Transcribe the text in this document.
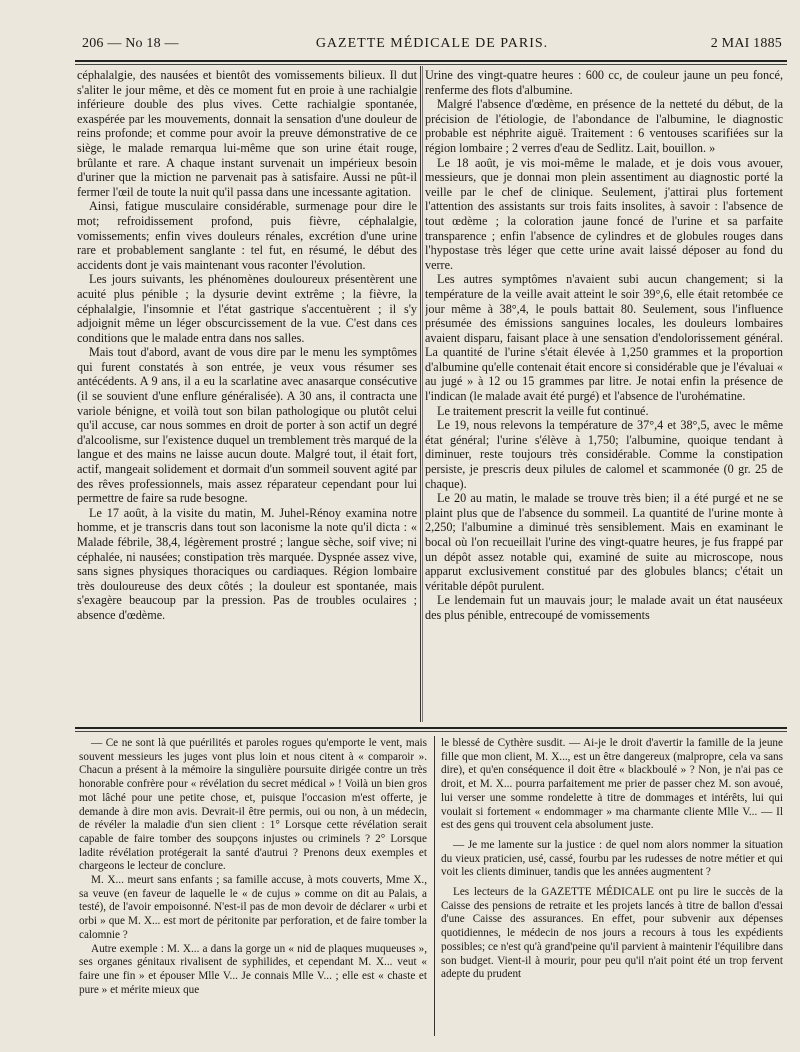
206 — No 18 —	GAZETTE MÉDICALE DE PARIS.	2 MAI 1885

céphalalgie, des nausées et bientôt des vomissements bilieux. Il dut s'aliter le jour même, et dès ce moment fut en proie à une rachialgie inférieure double des plus vives. Cette rachialgie spontanée, exaspérée par les mouvements, donnait la sensation d'une douleur de reins profonde; et comme pour avoir la preuve démonstrative de ce siège, le malade remarqua lui-même que son urine était rouge, brûlante et rare. A chaque instant survenait un impérieux besoin d'uriner que la miction ne parvenait pas à satisfaire. Aussi ne pût-il fermer l'œil de toute la nuit qu'il passa dans une incessante agitation.

Ainsi, fatigue musculaire considérable, surmenage pour dire le mot; refroidissement profond, puis fièvre, céphalalgie, vomissements; enfin vives douleurs rénales, excrétion d'une urine rare et probablement sanglante : tel fut, en résumé, le début des accidents dont je vais maintenant vous raconter l'évolution.

Les jours suivants, les phénomènes douloureux présentèrent une acuité plus pénible ; la dysurie devint extrême ; la fièvre, la céphalalgie, l'insomnie et l'état gastrique s'accentuèrent ; il s'y adjoignit même un léger obscurcissement de la vue. C'est dans ces conditions que le malade entra dans nos salles.

Mais tout d'abord, avant de vous dire par le menu les symptômes qui furent constatés à son entrée, je veux vous résumer ses antécédents. A 9 ans, il a eu la scarlatine avec anasarque consécutive (il se souvient d'une enflure généralisée). A 30 ans, il contracta une variole bénigne, et voilà tout son bilan pathologique ou plutôt celui qu'il accuse, car nous sommes en droit de porter à son actif un degré d'alcoolisme, sur l'existence duquel un tremblement très marqué de la langue et des mains ne laisse aucun doute. Malgré tout, il était fort, actif, mangeait solidement et dormait d'un sommeil souvent agité par des rêves professionnels, mais assez réparateur cependant pour lui permettre de faire sa rude besogne.

Le 17 août, à la visite du matin, M. Juhel-Rénoy examina notre homme, et je transcris dans tout son laconisme la note qu'il dicta : « Malade fébrile, 38,4, légèrement prostré ; langue sèche, soif vive; ni céphalée, ni nausées; constipation très marquée. Dyspnée assez vive, sans signes physiques thoraciques ou cardiaques. Région lombaire très douloureuse des deux côtés ; la douleur est spontanée, mais s'exagère beaucoup par la pression. Pas de troubles oculaires ; absence d'œdème.

Urine des vingt-quatre heures : 600 cc, de couleur jaune un peu foncé, renferme des flots d'albumine.

Malgré l'absence d'œdème, en présence de la netteté du début, de la précision de l'étiologie, de l'abondance de l'albumine, le diagnostic probable est néphrite aiguë. Traitement : 6 ventouses scarifiées sur la région lombaire ; 2 verres d'eau de Sedlitz. Lait, bouillon. »

Le 18 août, je vis moi-même le malade, et je dois vous avouer, messieurs, que je donnai mon plein assentiment au diagnostic porté la veille par le chef de clinique. Seulement, j'attirai plus fortement l'attention des assistants sur trois faits insolites, à savoir : l'absence de tout œdème ; la coloration jaune foncé de l'urine et sa parfaite transparence ; enfin l'absence de cylindres et de globules rouges dans l'hypostase très léger que cette urine avait laissé déposer au fond du verre.

Les autres symptômes n'avaient subi aucun changement; si la température de la veille avait atteint le soir 39°,6, elle était retombée ce jour même à 38°,4, le pouls battait 80. Seulement, sous l'influence présumée des émissions sanguines locales, les douleurs lombaires avaient disparu, faisant place à une sensation d'endolorissement général. La quantité de l'urine s'était élevée à 1,250 grammes et la proportion d'albumine qu'elle contenait était encore si considérable que je l'évaluai « au jugé » à 12 ou 15 grammes par litre. Je notai enfin la présence de l'indican (le malade avait été purgé) et l'absence de l'urohématine.

Le traitement prescrit la veille fut continué.

Le 19, nous relevons la température de 37°,4 et 38°,5, avec le même état général; l'urine s'élève à 1,750; l'albumine, quoique tendant à diminuer, reste toujours très considérable. Comme la constipation persiste, je prescris deux pilules de calomel et scammonée (0 gr. 25 de chaque).

Le 20 au matin, le malade se trouve très bien; il a été purgé et ne se plaint plus que de l'absence du sommeil. La quantité de l'urine monte à 2,250; l'albumine a diminué très sensiblement. Mais en examinant le bocal où l'on recueillait l'urine des vingt-quatre heures, je fus frappé par un dépôt assez notable qui, examiné de suite au microscope, nous apparut exclusivement constitué par des globules blancs; c'était un véritable dépôt purulent.

Le lendemain fut un mauvais jour; le malade avait un état nauséeux des plus pénible, entrecoupé de vomissements

— Ce ne sont là que puérilités et paroles rogues qu'emporte le vent, mais souvent messieurs les juges vont plus loin et nous citent à « comparoir ». Chacun a présent à la mémoire la singulière poursuite dirigée contre un très honorable confrère pour « révélation du secret médical » ! Voilà un bien gros mot lâché pour une petite chose, et, puisque l'occasion m'est offerte, je demande à dire mon avis. Devrait-il être permis, oui ou non, à un médecin, de révéler la maladie d'un sien client : 1° Lorsque cette révélation serait capable de faire tomber des soupçons injustes ou criminels ? 2° Lorsque ladite révélation protégerait la santé d'autrui ? Prenons deux exemples et chargeons le lecteur de conclure.

M. X... meurt sans enfants ; sa famille accuse, à mots couverts, Mme X., sa veuve (en faveur de laquelle le « de cujus » comme on dit au Palais, a testé), de l'avoir empoisonné. N'est-il pas de mon devoir de déclarer « urbi et orbi » que M. X... est mort de péritonite par perforation, et de faire tomber la calomnie ?

Autre exemple : M. X... a dans la gorge un « nid de plaques muqueuses », ses organes génitaux rivalisent de syphilides, et cependant M. X... veut « faire une fin » et épouser Mlle V... Je connais Mlle V... ; elle est « chaste et pure » et mérite mieux que

le blessé de Cythère susdit. — Ai-je le droit d'avertir la famille de la jeune fille que mon client, M. X..., est un être dangereux (malpropre, cela va sans dire), et qu'en conséquence il doit être « blackboulé » ? Non, je n'ai pas ce droit, et M. X... pourra parfaitement me prier de passer chez M. son avoué, lui verser une somme rondelette à titre de dommages et intérêts, lui qui voulait si fortement « endommager » ma charmante cliente Mlle V... — Il est des gens qui trouvent cela absolument juste.

— Je me lamente sur la justice : de quel nom alors nommer la situation du vieux praticien, usé, cassé, fourbu par les rudesses de notre métier et qui voit les clients diminuer, tandis que les années augmentent ?

Les lecteurs de la GAZETTE MÉDICALE ont pu lire le succès de la Caisse des pensions de retraite et les projets lancés à titre de ballon d'essai d'une Caisse des assurances. En effet, pour subvenir aux dépenses quotidiennes, le médecin de nos jours a recours à tous les expédients possibles; ce n'est qu'à grand'peine qu'il parvient à maintenir l'équilibre dans son budget. Vient-il à mourir, pour peu qu'il n'ait point été un trop fervent adepte du prudent
